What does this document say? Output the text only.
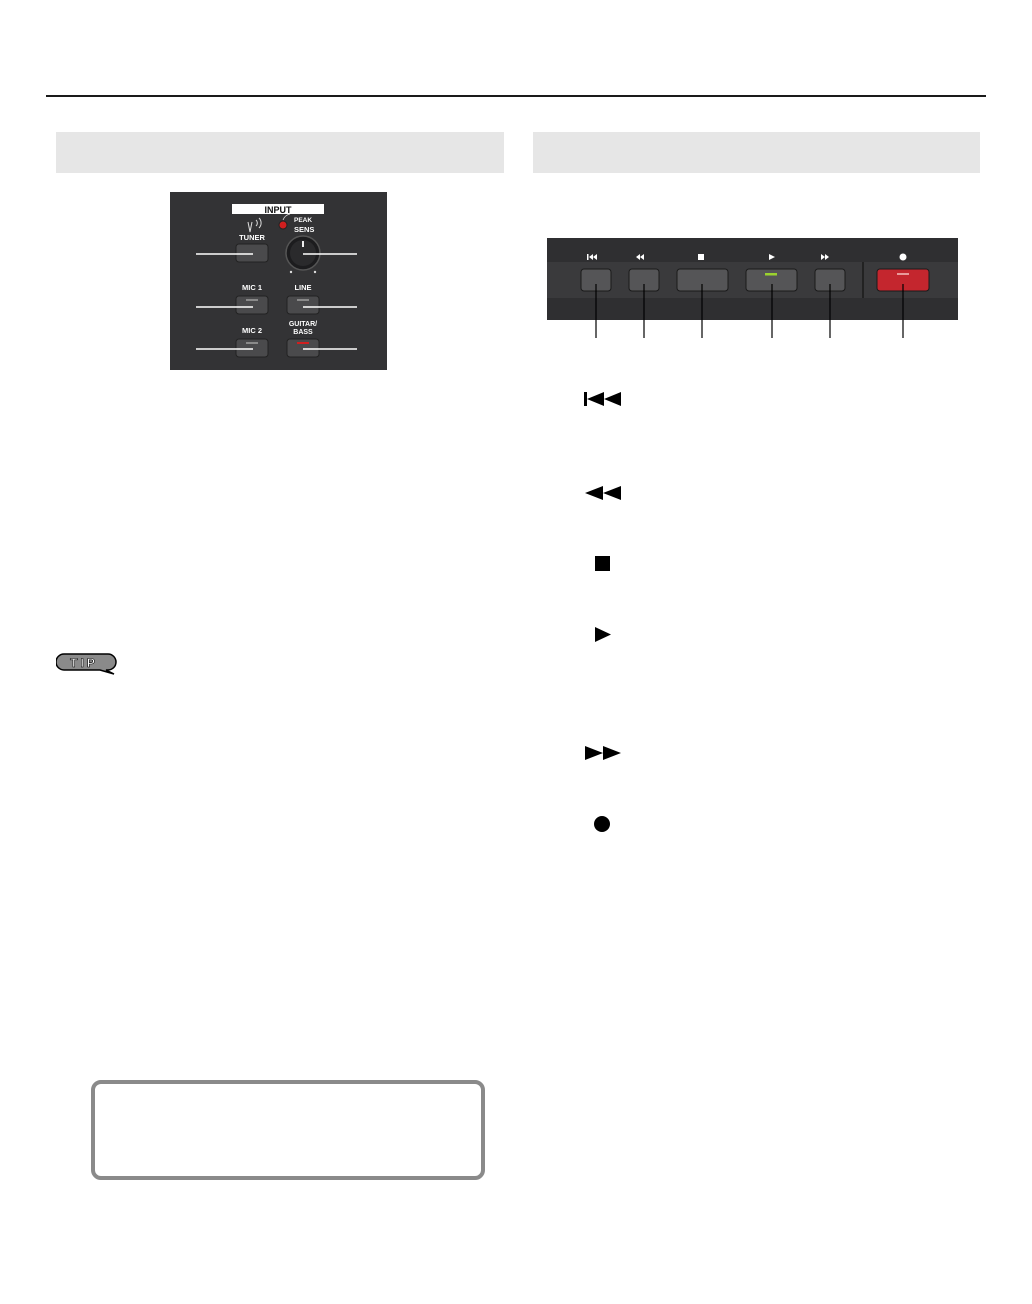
INPUT
TUNER
PEAK
SENS
MIC 1	LINE
MIC 2
GUITAR/
BASS
TIP
